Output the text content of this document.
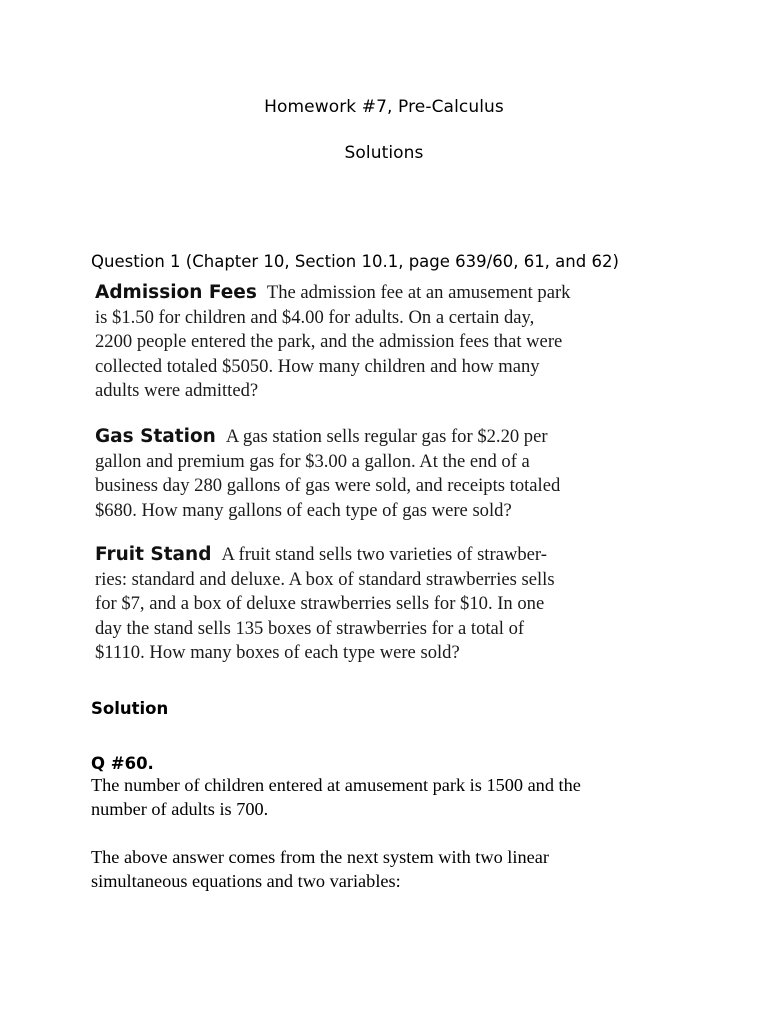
Homework #7, Pre-Calculus
Solutions
Question 1 (Chapter 10, Section 10.1, page 639/60, 61, and 62)
Admission Fees The admission fee at an amusement park
is $1.50 for children and $4.00 for adults. On a certain day,
2200 people entered the park, and the admission fees that were
collected totaled $5050. How many children and how many
adults were admitted?
Gas Station A gas station sells regular gas for $2.20 per
gallon and premium gas for $3.00 a gallon. At the end of a
business day 280 gallons of gas were sold, and receipts totaled
$680. How many gallons of each type of gas were sold?
Fruit Stand A fruit stand sells two varieties of strawber-
ries: standard and deluxe. A box of standard strawberries sells
for $7, and a box of deluxe strawberries sells for $10. In one
day the stand sells 135 boxes of strawberries for a total of
$1110. How many boxes of each type were sold?
Solution
Q #60.
The number of children entered at amusement park is 1500 and the
number of adults is 700.
The above answer comes from the next system with two linear
simultaneous equations and two variables:
